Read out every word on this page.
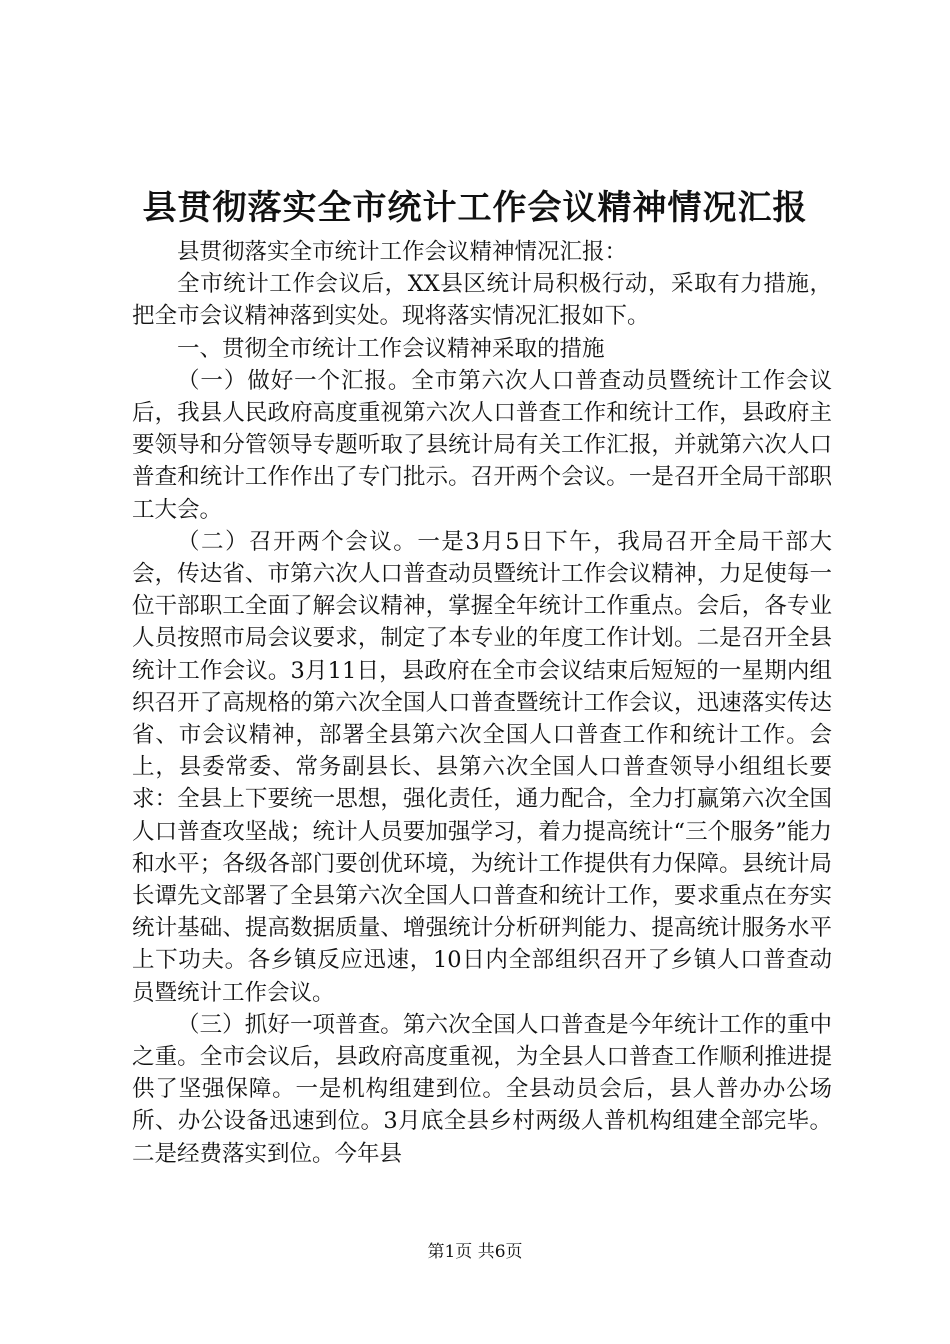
县贯彻落实全市统计工作会议精神情况汇报

县贯彻落实全市统计工作会议精神情况汇报：

全市统计工作会议后，XX县区统计局积极行动，采取有力措施，把全市会议精神落到实处。现将落实情况汇报如下。

一、贯彻全市统计工作会议精神采取的措施

（一）做好一个汇报。全市第六次人口普查动员暨统计工作会议后，我县人民政府高度重视第六次人口普查工作和统计工作，县政府主要领导和分管领导专题听取了县统计局有关工作汇报，并就第六次人口普查和统计工作作出了专门批示。召开两个会议。一是召开全局干部职工大会。

（二）召开两个会议。一是3月5日下午，我局召开全局干部大会，传达省、市第六次人口普查动员暨统计工作会议精神，力足使每一位干部职工全面了解会议精神，掌握全年统计工作重点。会后，各专业人员按照市局会议要求，制定了本专业的年度工作计划。二是召开全县统计工作会议。3月11日，县政府在全市会议结束后短短的一星期内组织召开了高规格的第六次全国人口普查暨统计工作会议，迅速落实传达省、市会议精神，部署全县第六次全国人口普查工作和统计工作。会上，县委常委、常务副县长、县第六次全国人口普查领导小组组长要求：全县上下要统一思想，强化责任，通力配合，全力打赢第六次全国人口普查攻坚战；统计人员要加强学习，着力提高统计“三个服务”能力和水平；各级各部门要创优环境，为统计工作提供有力保障。县统计局长谭先文部署了全县第六次全国人口普查和统计工作，要求重点在夯实统计基础、提高数据质量、增强统计分析研判能力、提高统计服务水平上下功夫。各乡镇反应迅速，10日内全部组织召开了乡镇人口普查动员暨统计工作会议。

（三）抓好一项普查。第六次全国人口普查是今年统计工作的重中之重。全市会议后，县政府高度重视，为全县人口普查工作顺利推进提供了坚强保障。一是机构组建到位。全县动员会后，县人普办办公场所、办公设备迅速到位。3月底全县乡村两级人普机构组建全部完毕。二是经费落实到位。今年县

第1页 共6页
